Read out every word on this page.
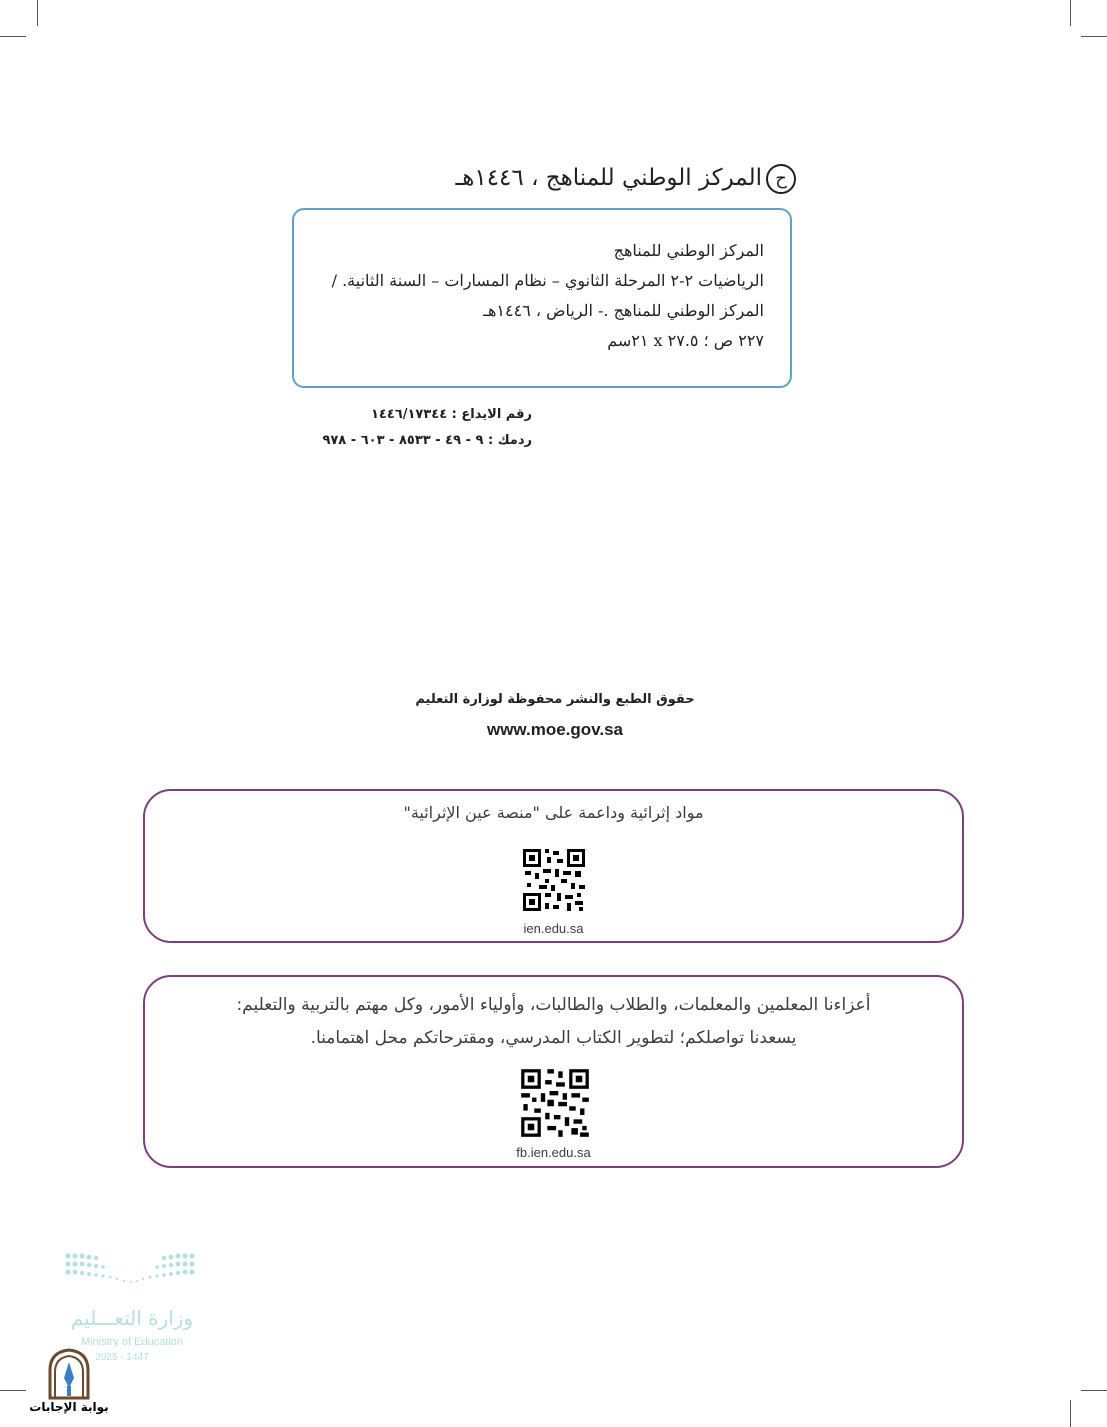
حالمركز الوطني للمناهج ، ١٤٤٦هـ
المركز الوطني للمناهج
الرياضيات ٢-٢ المرحلة الثانوي – نظام المسارات – السنة الثانية. /
المركز الوطني للمناهج .- الرياض ، ١٤٤٦هـ
٢٢٧ ص ؛ ٢٧.٥ x ٢١سم
رقم الايداع : ١٤٤٦/١٧٣٤٤
ردمك : ٩ - ٤٩ - ٨٥٣٣ - ٦٠٣ - ٩٧٨
حقوق الطبع والنشر محفوظة لوزارة التعليم
www.moe.gov.sa
مواد إثرائية وداعمة على "منصة عين الإثرائية"
ien.edu.sa
أعزاءنا المعلمين والمعلمات، والطلاب والطالبات، وأولياء الأمور، وكل مهتم بالتربية والتعليم:
يسعدنا تواصلكم؛ لتطوير الكتاب المدرسي، ومقترحاتكم محل اهتمامنا.
fb.ien.edu.sa
وزارة التعـــليم
Ministry of Education
2025 - 1447
بوابة الإجابات
